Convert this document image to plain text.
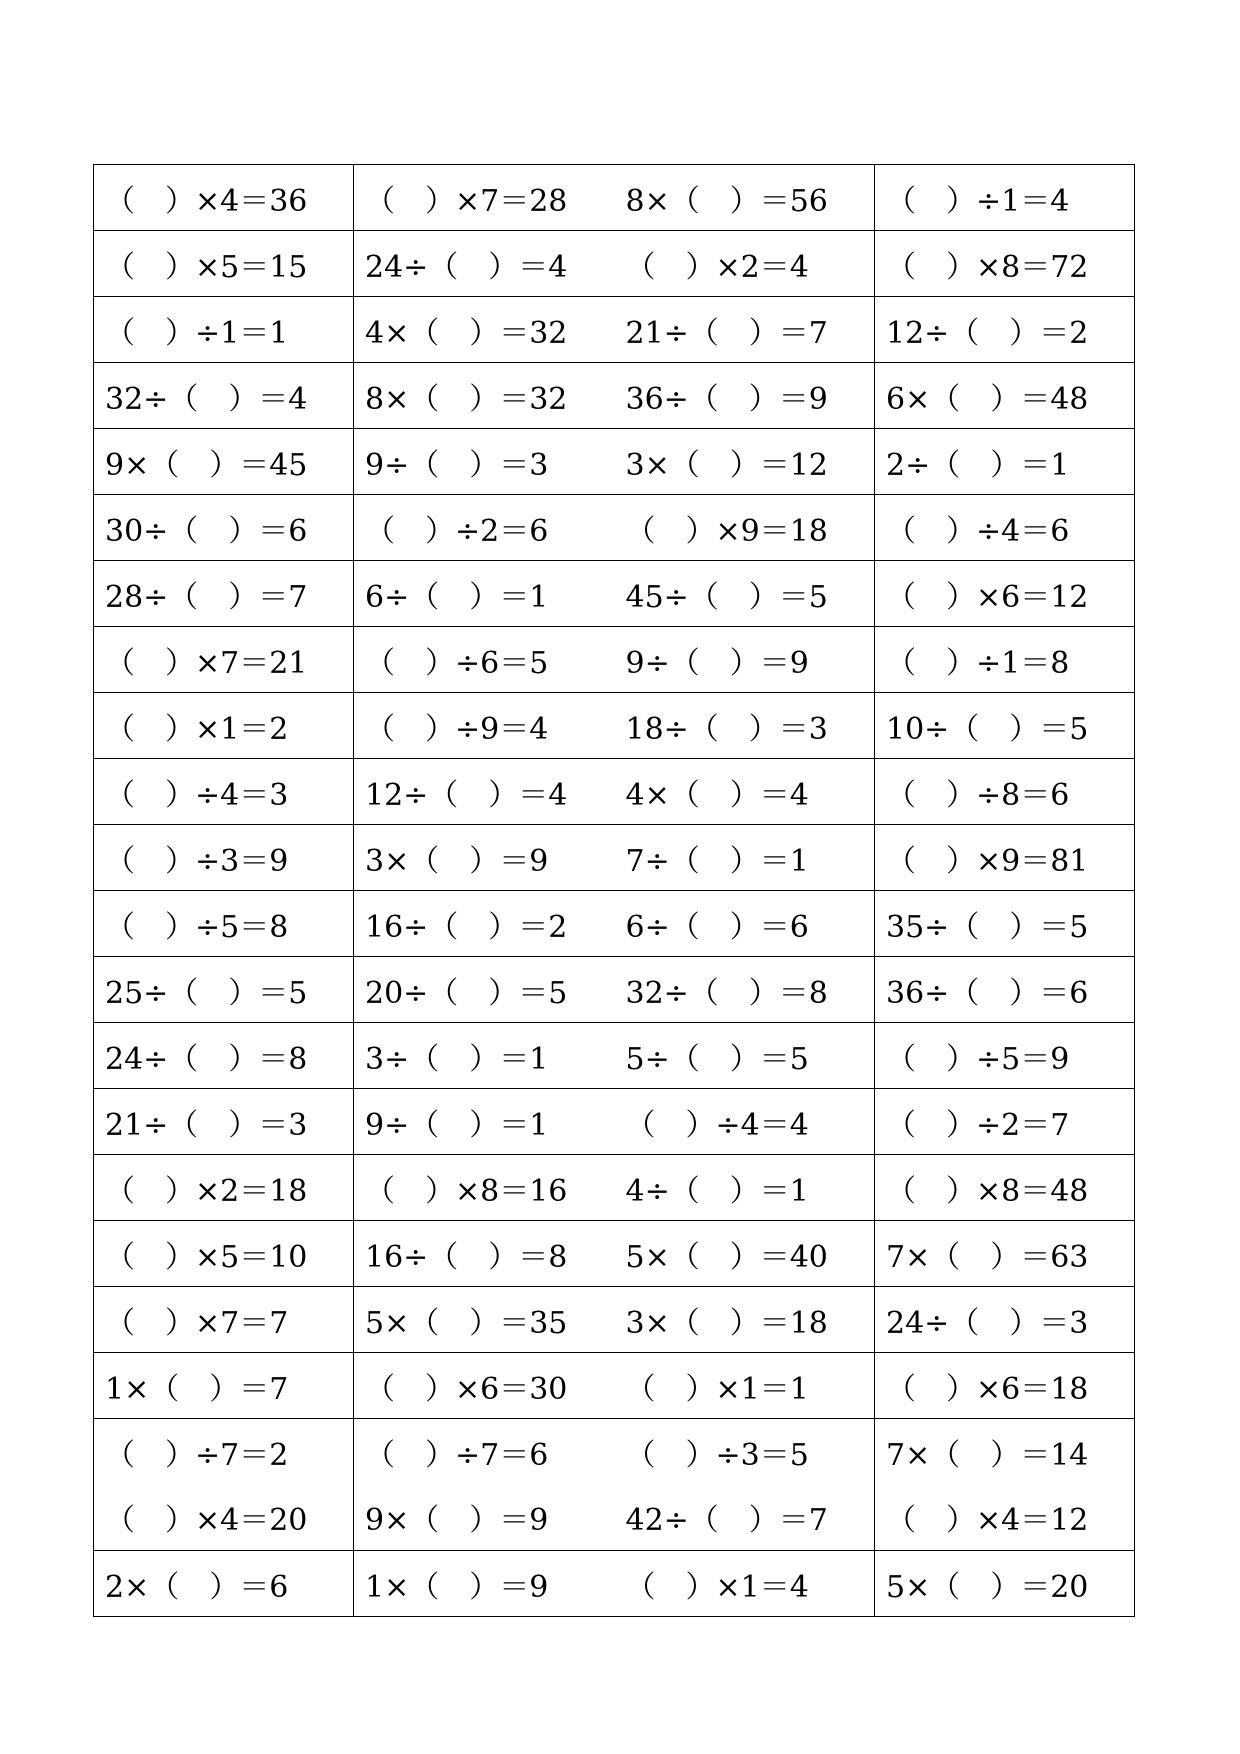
（　）×4＝36	（　）×7＝28	8×（　）＝56	（　）÷1＝4
（　）×5＝15	24÷（　）＝4	（　）×2＝4	（　）×8＝72
（　）÷1＝1	4×（　）＝32	21÷（　）＝7	12÷（　）＝2
32÷（　）＝4	8×（　）＝32	36÷（　）＝9	6×（　）＝48
9×（　）＝45	9÷（　）＝3	3×（　）＝12	2÷（　）＝1
30÷（　）＝6	（　）÷2＝6	（　）×9＝18	（　）÷4＝6
28÷（　）＝7	6÷（　）＝1	45÷（　）＝5	（　）×6＝12
（　）×7＝21	（　）÷6＝5	9÷（　）＝9	（　）÷1＝8
（　）×1＝2	（　）÷9＝4	18÷（　）＝3	10÷（　）＝5
（　）÷4＝3	12÷（　）＝4	4×（　）＝4	（　）÷8＝6
（　）÷3＝9	3×（　）＝9	7÷（　）＝1	（　）×9＝81
（　）÷5＝8	16÷（　）＝2	6÷（　）＝6	35÷（　）＝5
25÷（　）＝5	20÷（　）＝5	32÷（　）＝8	36÷（　）＝6
24÷（　）＝8	3÷（　）＝1	5÷（　）＝5	（　）÷5＝9
21÷（　）＝3	9÷（　）＝1	（　）÷4＝4	（　）÷2＝7
（　）×2＝18	（　）×8＝16	4÷（　）＝1	（　）×8＝48
（　）×5＝10	16÷（　）＝8	5×（　）＝40	7×（　）＝63
（　）×7＝7	5×（　）＝35	3×（　）＝18	24÷（　）＝3
1×（　）＝7	（　）×6＝30	（　）×1＝1	（　）×6＝18
（　）÷7＝2	（　）÷7＝6	（　）÷3＝5	7×（　）＝14
（　）×4＝20	9×（　）＝9	42÷（　）＝7	（　）×4＝12
2×（　）＝6	1×（　）＝9	（　）×1＝4	5×（　）＝20
